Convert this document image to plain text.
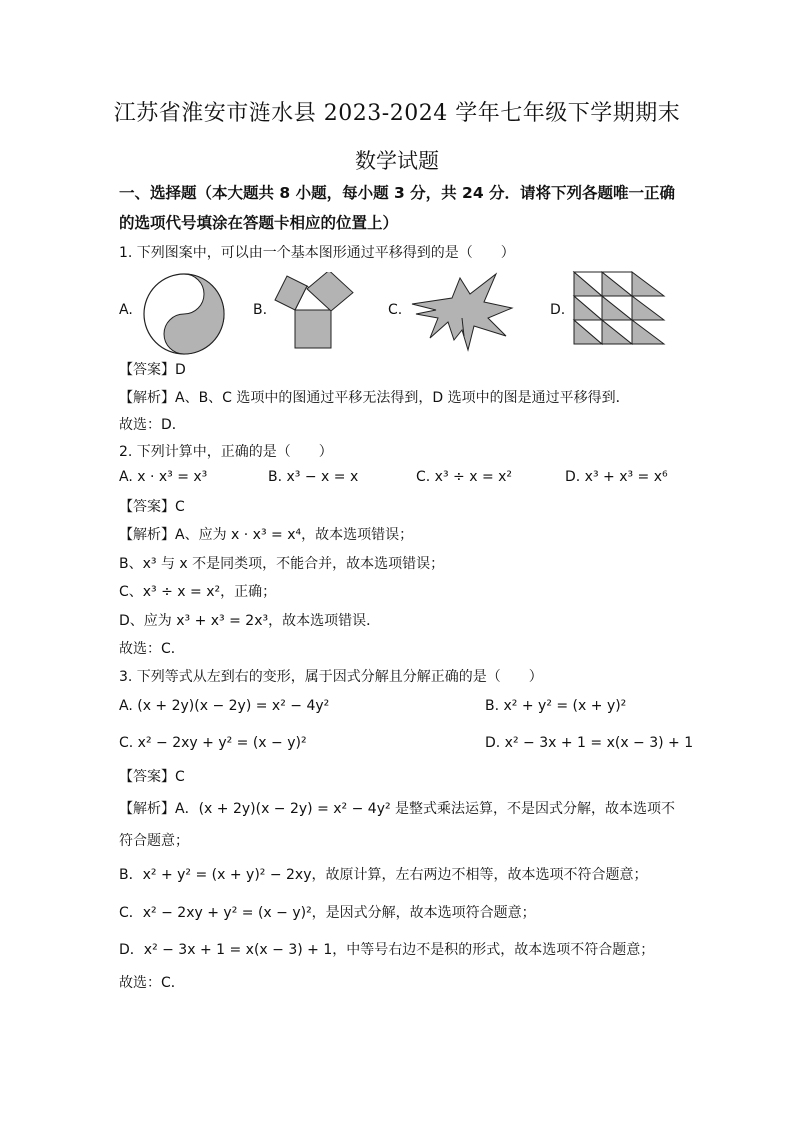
江苏省淮安市涟水县 2023-2024 学年七年级下学期期末
数学试题
一、选择题（本大题共 8 小题，每小题 3 分，共 24 分．请将下列各题唯一正确的选项代号填涂在答题卡相应的位置上）
1. 下列图案中，可以由一个基本图形通过平移得到的是（　　）
A.	B.	C.	D.
【答案】D
【解析】A、B、C 选项中的图通过平移无法得到，D 选项中的图是通过平移得到．
故选：D．
2. 下列计算中，正确的是（　　）
A. x · x³ = x³	B. x³ − x = x	C. x³ ÷ x = x²	D. x³ + x³ = x⁶
【答案】C
【解析】A、应为 x · x³ = x⁴，故本选项错误；
B、x³ 与 x 不是同类项，不能合并，故本选项错误；
C、x³ ÷ x = x²，正确；
D、应为 x³ + x³ = 2x³，故本选项错误．
故选：C．
3. 下列等式从左到右的变形，属于因式分解且分解正确的是（　　）
A. (x + 2y)(x − 2y) = x² − 4y²	B. x² + y² = (x + y)²
C. x² − 2xy + y² = (x − y)²	D. x² − 3x + 1 = x(x − 3) + 1
【答案】C
【解析】A．(x + 2y)(x − 2y) = x² − 4y² 是整式乘法运算，不是因式分解，故本选项不
符合题意；
B．x² + y² = (x + y)² − 2xy，故原计算，左右两边不相等，故本选项不符合题意；
C．x² − 2xy + y² = (x − y)²，是因式分解，故本选项符合题意；
D．x² − 3x + 1 = x(x − 3) + 1，中等号右边不是积的形式，故本选项不符合题意；
故选：C．
